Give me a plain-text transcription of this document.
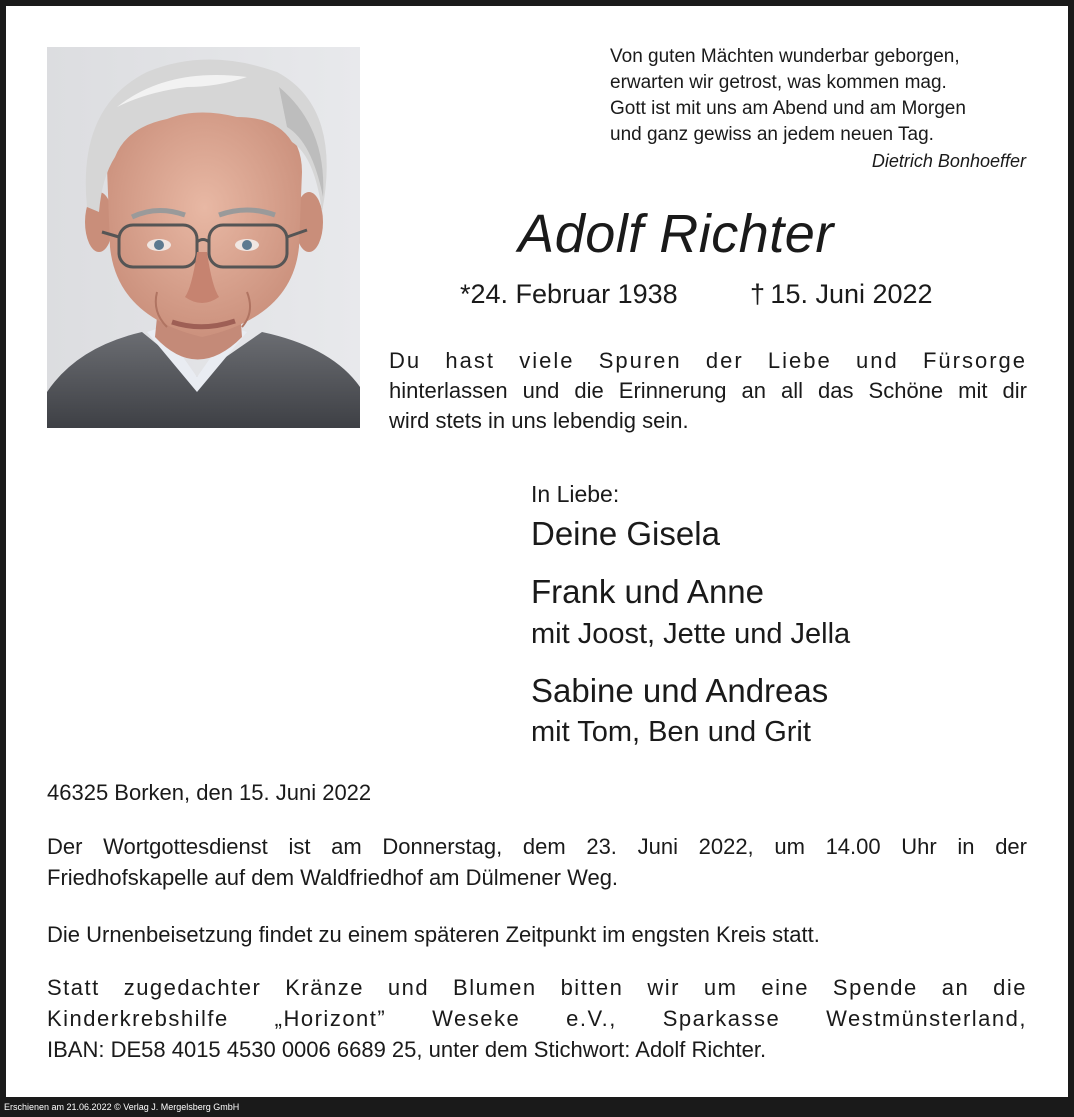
Von guten Mächten wunderbar geborgen,
erwarten wir getrost, was kommen mag.
Gott ist mit uns am Abend und am Morgen
und ganz gewiss an jedem neuen Tag.
Dietrich Bonhoeffer
Adolf Richter
*24. Februar 1938	† 15. Juni 2022
Du hast viele Spuren der Liebe und Fürsorge
hinterlassen und die Erinnerung an all das Schöne mit dir
wird stets in uns lebendig sein.
In Liebe:
Deine Gisela
Frank und Anne
mit Joost, Jette und Jella
Sabine und Andreas
mit Tom, Ben und Grit
46325 Borken, den 15. Juni 2022
Der Wortgottesdienst ist am Donnerstag, dem 23. Juni 2022, um 14.00 Uhr in der
Friedhofskapelle auf dem Waldfriedhof am Dülmener Weg.
Die Urnenbeisetzung findet zu einem späteren Zeitpunkt im engsten Kreis statt.
Statt zugedachter Kränze und Blumen bitten wir um eine Spende an die
Kinderkrebshilfe „Horizont” Weseke e.V., Sparkasse Westmünsterland,
IBAN: DE58 4015 4530 0006 6689 25, unter dem Stichwort: Adolf Richter.
Erschienen am 21.06.2022 © Verlag J. Mergelsberg GmbH
